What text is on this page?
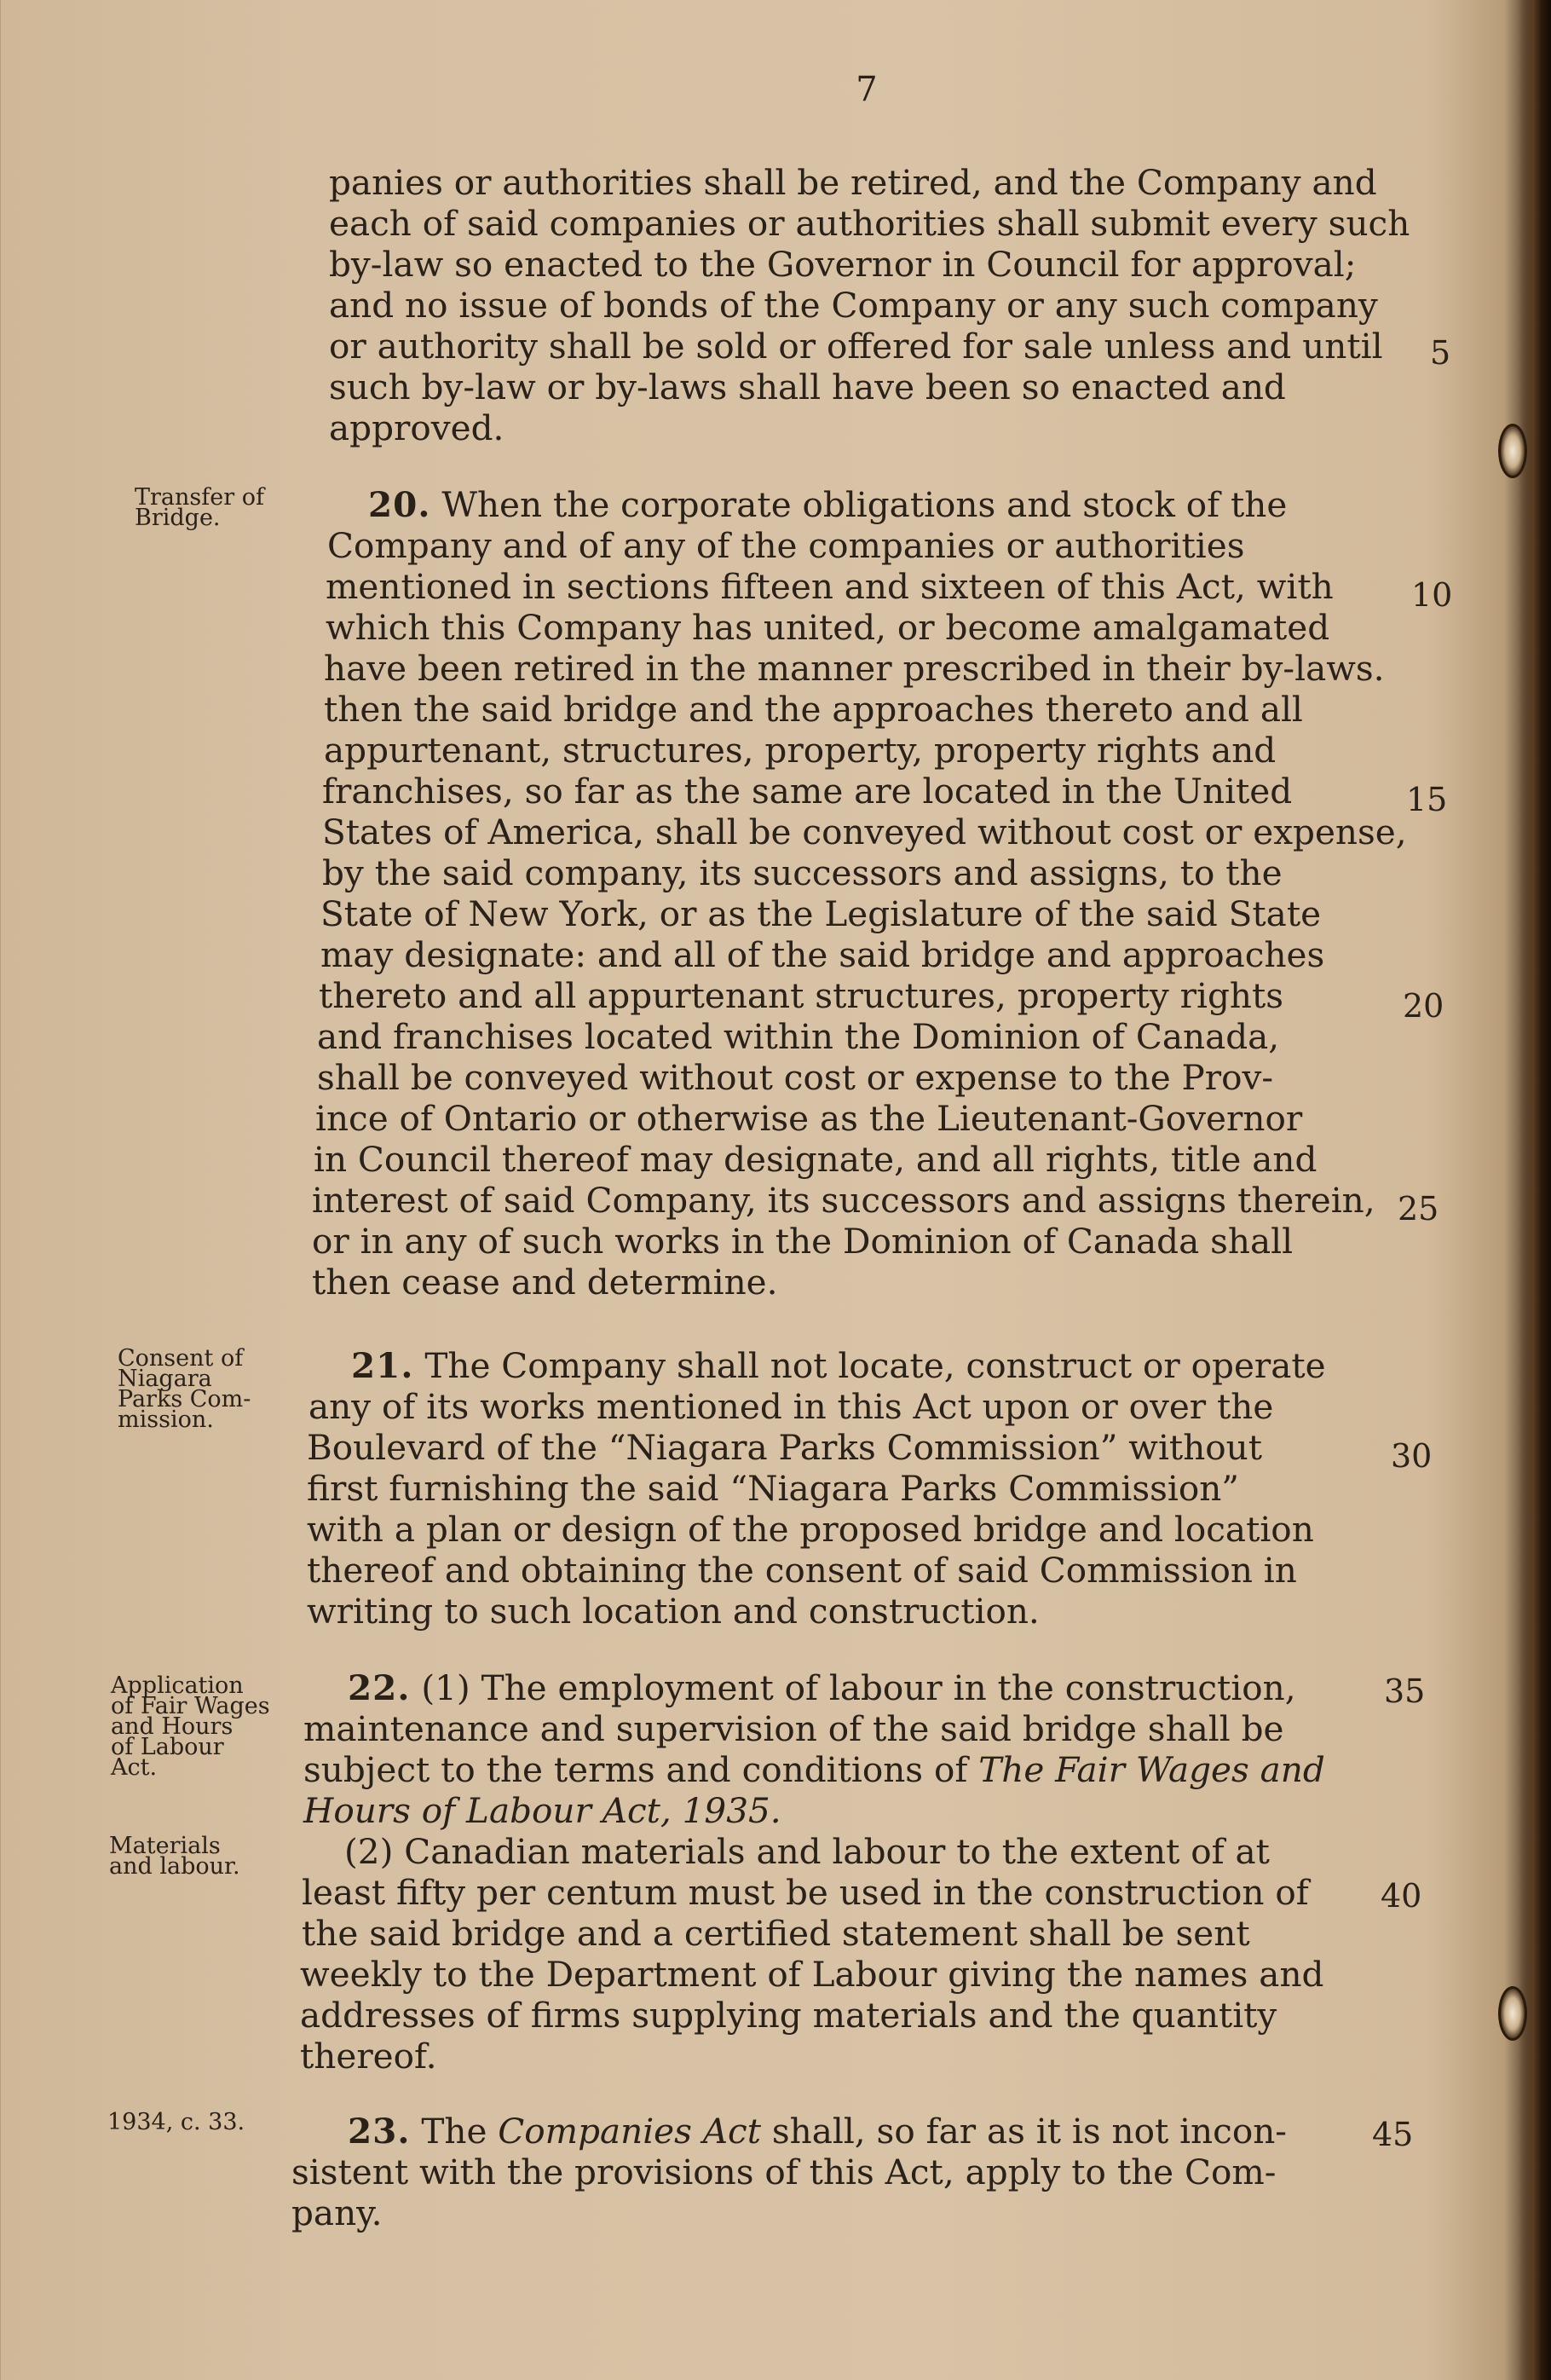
7
panies or authorities shall be retired, and the Company and
each of said companies or authorities shall submit every such
by-law so enacted to the Governor in Council for approval;
and no issue of bonds of the Company or any such company
or authority shall be sold or offered for sale unless and until
such by-law or by-laws shall have been so enacted and
approved.
5
Transfer of
Bridge.	20. When the corporate obligations and stock of the
Company and of any of the companies or authorities
mentioned in sections fifteen and sixteen of this Act, with
which this Company has united, or become amalgamated
have been retired in the manner prescribed in their by-laws.
then the said bridge and the approaches thereto and all
appurtenant, structures, property, property rights and
franchises, so far as the same are located in the United
States of America, shall be conveyed without cost or expense,
by the said company, its successors and assigns, to the
State of New York, or as the Legislature of the said State
may designate: and all of the said bridge and approaches
thereto and all appurtenant structures, property rights
and franchises located within the Dominion of Canada,
shall be conveyed without cost or expense to the Prov-
ince of Ontario or otherwise as the Lieutenant-Governor
in Council thereof may designate, and all rights, title and
interest of said Company, its successors and assigns therein,
or in any of such works in the Dominion of Canada shall
then cease and determine.
10
15
20
25
Consent of
Niagara
Parks Com-
mission.
21. The Company shall not locate, construct or operate
any of its works mentioned in this Act upon or over the
Boulevard of the “Niagara Parks Commission” without
first furnishing the said “Niagara Parks Commission”
with a plan or design of the proposed bridge and location
thereof and obtaining the consent of said Commission in
writing to such location and construction.
30
Application
of Fair Wages
and Hours
of Labour
Act.
22. (1) The employment of labour in the construction,
maintenance and supervision of the said bridge shall be
subject to the terms and conditions of The Fair Wages and
Hours of Labour Act, 1935.
Materials
and labour.	(2) Canadian materials and labour to the extent of at
least fifty per centum must be used in the construction of
the said bridge and a certified statement shall be sent
weekly to the Department of Labour giving the names and
addresses of firms supplying materials and the quantity
thereof.
35
40
1934, c. 33.	23. The Companies Act shall, so far as it is not incon-
sistent with the provisions of this Act, apply to the Com-
pany.
45
